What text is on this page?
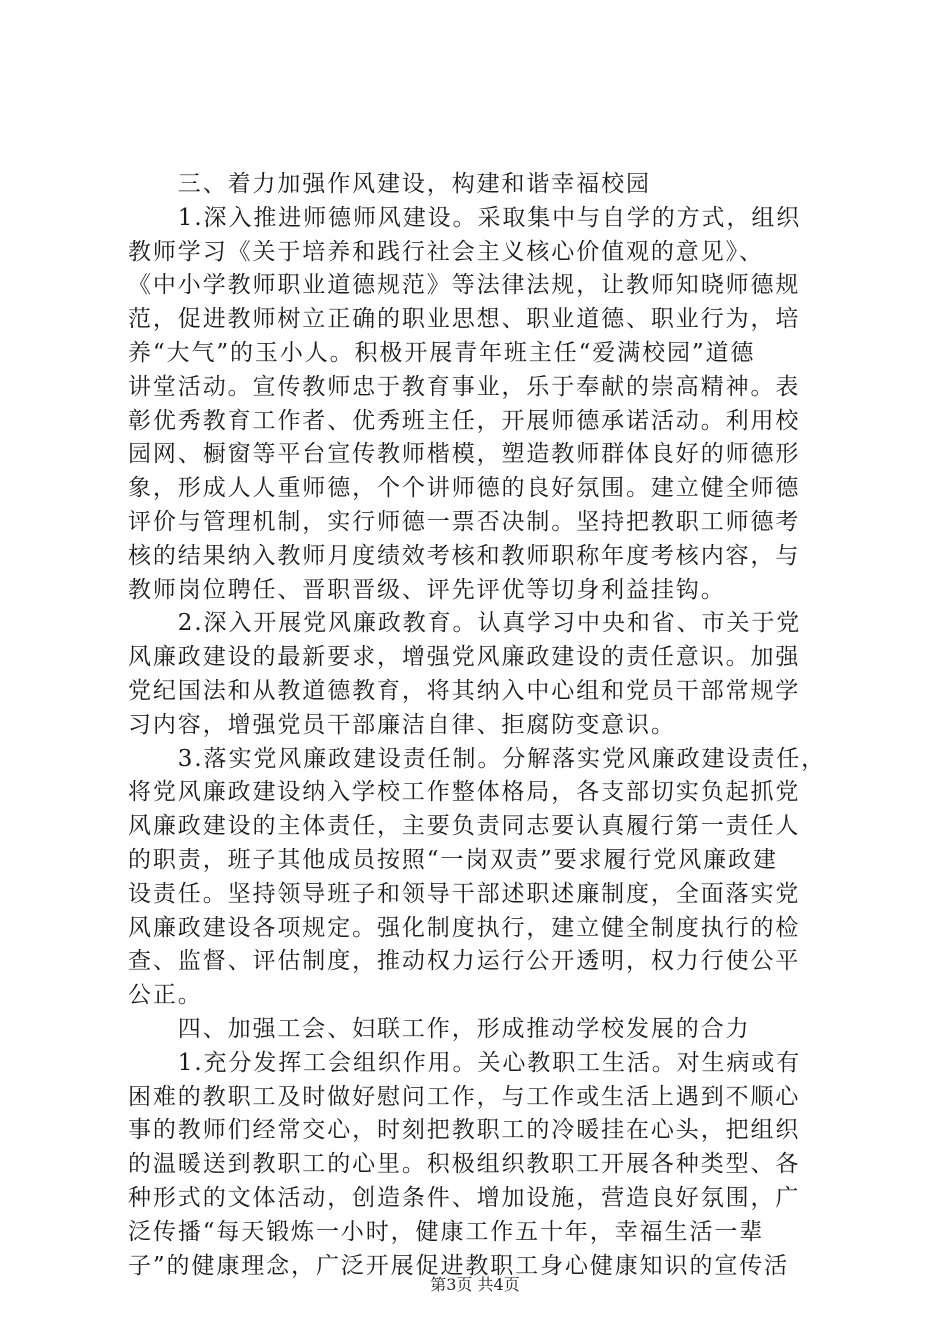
　　三、着力加强作风建设，构建和谐幸福校园
　　1.深入推进师德师风建设。采取集中与自学的方式，组织
教师学习《关于培养和践行社会主义核心价值观的意见》、
《中小学教师职业道德规范》等法律法规，让教师知晓师德规
范，促进教师树立正确的职业思想、职业道德、职业行为，培
养“大气”的玉小人。积极开展青年班主任“爱满校园”道德
讲堂活动。宣传教师忠于教育事业，乐于奉献的崇高精神。表
彰优秀教育工作者、优秀班主任，开展师德承诺活动。利用校
园网、橱窗等平台宣传教师楷模，塑造教师群体良好的师德形
象，形成人人重师德，个个讲师德的良好氛围。建立健全师德
评价与管理机制，实行师德一票否决制。坚持把教职工师德考
核的结果纳入教师月度绩效考核和教师职称年度考核内容，与
教师岗位聘任、晋职晋级、评先评优等切身利益挂钩。
　　2.深入开展党风廉政教育。认真学习中央和省、市关于党
风廉政建设的最新要求，增强党风廉政建设的责任意识。加强
党纪国法和从教道德教育，将其纳入中心组和党员干部常规学
习内容，增强党员干部廉洁自律、拒腐防变意识。
　　3.落实党风廉政建设责任制。分解落实党风廉政建设责任，
将党风廉政建设纳入学校工作整体格局，各支部切实负起抓党
风廉政建设的主体责任，主要负责同志要认真履行第一责任人
的职责，班子其他成员按照“一岗双责”要求履行党风廉政建
设责任。坚持领导班子和领导干部述职述廉制度，全面落实党
风廉政建设各项规定。强化制度执行，建立健全制度执行的检
查、监督、评估制度，推动权力运行公开透明，权力行使公平
公正。
　　四、加强工会、妇联工作，形成推动学校发展的合力
　　1.充分发挥工会组织作用。关心教职工生活。对生病或有
困难的教职工及时做好慰问工作，与工作或生活上遇到不顺心
事的教师们经常交心，时刻把教职工的冷暖挂在心头，把组织
的温暖送到教职工的心里。积极组织教职工开展各种类型、各
种形式的文体活动，创造条件、增加设施，营造良好氛围，广
泛传播“每天锻炼一小时，健康工作五十年，幸福生活一辈
子”的健康理念，广泛开展促进教职工身心健康知识的宣传活
第3页 共4页
